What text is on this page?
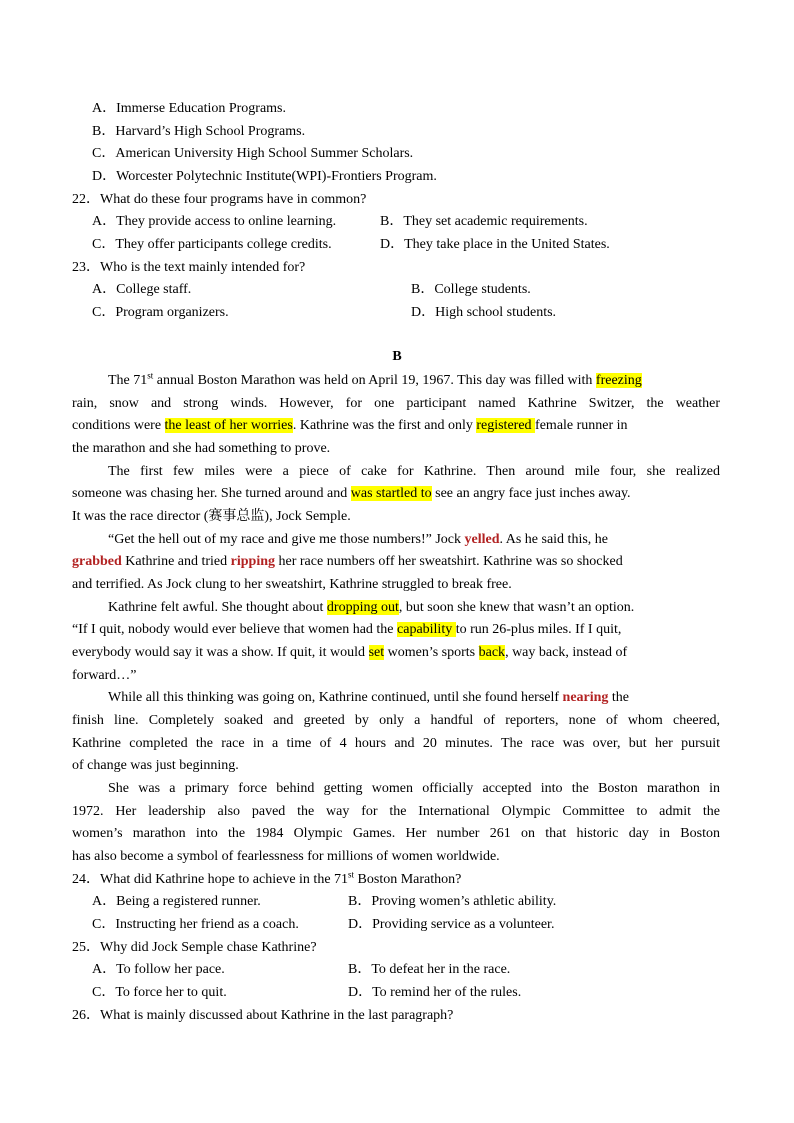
A．Immerse Education Programs.
B．Harvard’s High School Programs.
C．American University High School Summer Scholars.
D．Worcester Polytechnic Institute(WPI)-Frontiers Program.
22．What do these four programs have in common?
A．They provide access to online learning.	B．They set academic requirements.
C．They offer participants college credits.	D．They take place in the United States.
23．Who is the text mainly intended for?
A．College staff.	B．College students.
C．Program organizers.	D．High school students.
B
The 71st annual Boston Marathon was held on April 19, 1967. This day was filled with freezing
rain, snow and strong winds. However, for one participant named Kathrine Switzer, the weather
conditions were the least of her worries. Kathrine was the first and only registered female runner in
the marathon and she had something to prove.
The first few miles were a piece of cake for Kathrine. Then around mile four, she realized
someone was chasing her. She turned around and was startled to see an angry face just inches away.
It was the race director (赛事总监), Jock Semple.
“Get the hell out of my race and give me those numbers!” Jock yelled. As he said this, he
grabbed Kathrine and tried ripping her race numbers off her sweatshirt. Kathrine was so shocked
and terrified. As Jock clung to her sweatshirt, Kathrine struggled to break free.
Kathrine felt awful. She thought about dropping out, but soon she knew that wasn’t an option.
“If I quit, nobody would ever believe that women had the capability to run 26-plus miles. If I quit,
everybody would say it was a show. If quit, it would set women’s sports back, way back, instead of
forward…”
While all this thinking was going on, Kathrine continued, until she found herself nearing the
finish line. Completely soaked and greeted by only a handful of reporters, none of whom cheered,
Kathrine completed the race in a time of 4 hours and 20 minutes. The race was over, but her pursuit
of change was just beginning.
She was a primary force behind getting women officially accepted into the Boston marathon in
1972. Her leadership also paved the way for the International Olympic Committee to admit the
women’s marathon into the 1984 Olympic Games. Her number 261 on that historic day in Boston
has also become a symbol of fearlessness for millions of women worldwide.
24．What did Kathrine hope to achieve in the 71st Boston Marathon?
A．Being a registered runner.	B．Proving women’s athletic ability.
C．Instructing her friend as a coach.	D．Providing service as a volunteer.
25．Why did Jock Semple chase Kathrine?
A．To follow her pace.	B．To defeat her in the race.
C．To force her to quit.	D．To remind her of the rules.
26．What is mainly discussed about Kathrine in the last paragraph?
